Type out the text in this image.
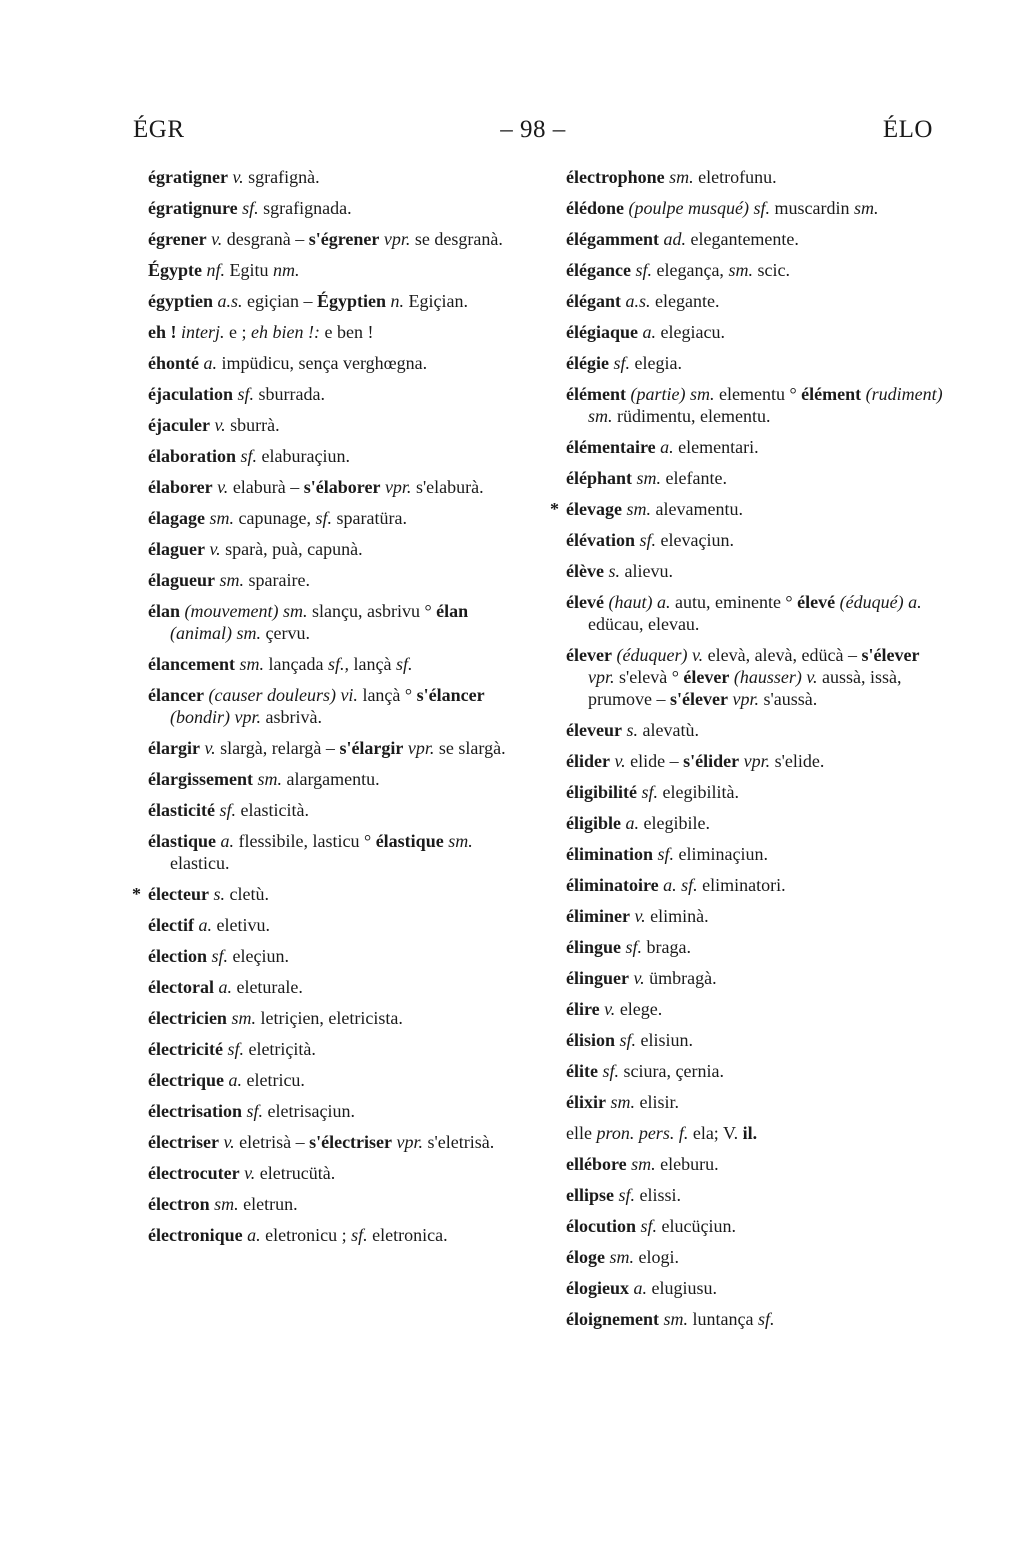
ÉGR	– 98 –	ÉLO
égratigner v. sgrafignà.
égratignure sf. sgrafignada.
égrener v. desgranà – s'égrener vpr. se desgranà.
Égypte nf. Egitu nm.
égyptien a.s. egiçian – Égyptien n. Egiçian.
eh ! interj. e ; eh bien !: e ben !
éhonté a. impüdicu, sença verghœgna.
éjaculation sf. sburrada.
éjaculer v. sburrà.
élaboration sf. elaburaçiun.
élaborer v. elaburà – s'élaborer vpr. s'elaburà.
élagage sm. capunage, sf. sparatüra.
élaguer v. sparà, puà, capunà.
élagueur sm. sparaire.
élan (mouvement) sm. slançu, asbrivu ° élan (animal) sm. çervu.
élancement sm. lançada sf., lançà sf.
élancer (causer douleurs) vi. lançà ° s'élancer (bondir) vpr. asbrivà.
élargir v. slargà, relargà – s'élargir vpr. se slargà.
élargissement sm. alargamentu.
élasticité sf. elasticità.
élastique a. flessibile, lasticu ° élastique sm. elasticu.
* électeur s. cletù.
électif a. eletivu.
élection sf. eleçiun.
électoral a. eleturale.
électricien sm. letriçien, eletricista.
électricité sf. eletriçità.
électrique a. eletricu.
électrisation sf. eletrisaçiun.
électriser v. eletrisà – s'électriser vpr. s'eletrisà.
électrocuter v. eletrucütà.
électron sm. eletrun.
électronique a. eletronicu ; sf. eletronica.
électrophone sm. eletrofunu.
élédone (poulpe musqué) sf. muscardin sm.
élégamment ad. elegantemente.
élégance sf. elegança, sm. scic.
élégant a.s. elegante.
élégiaque a. elegiacu.
élégie sf. elegia.
élément (partie) sm. elementu ° élément (rudiment) sm. rüdimentu, elementu.
élémentaire a. elementari.
éléphant sm. elefante.
* élevage sm. alevamentu.
élévation sf. elevaçiun.
élève s. alievu.
élevé (haut) a. autu, eminente ° élevé (éduqué) a. edücau, elevau.
élever (éduquer) v. elevà, alevà, edücà – s'élever vpr. s'elevà ° élever (hausser) v. aussà, issà, prumove – s'élever vpr. s'aussà.
éleveur s. alevatù.
élider v. elide – s'élider vpr. s'elide.
éligibilité sf. elegibilità.
éligible a. elegibile.
élimination sf. eliminaçiun.
éliminatoire a. sf. eliminatori.
éliminer v. eliminà.
élingue sf. braga.
élinguer v. ümbragà.
élire v. elege.
élision sf. elisiun.
élite sf. sciura, çernia.
élixir sm. elisir.
elle pron. pers. f. ela; V. il.
ellébore sm. eleburu.
ellipse sf. elissi.
élocution sf. elucüçiun.
éloge sm. elogi.
élogieux a. elugiusu.
éloignement sm. luntança sf.
